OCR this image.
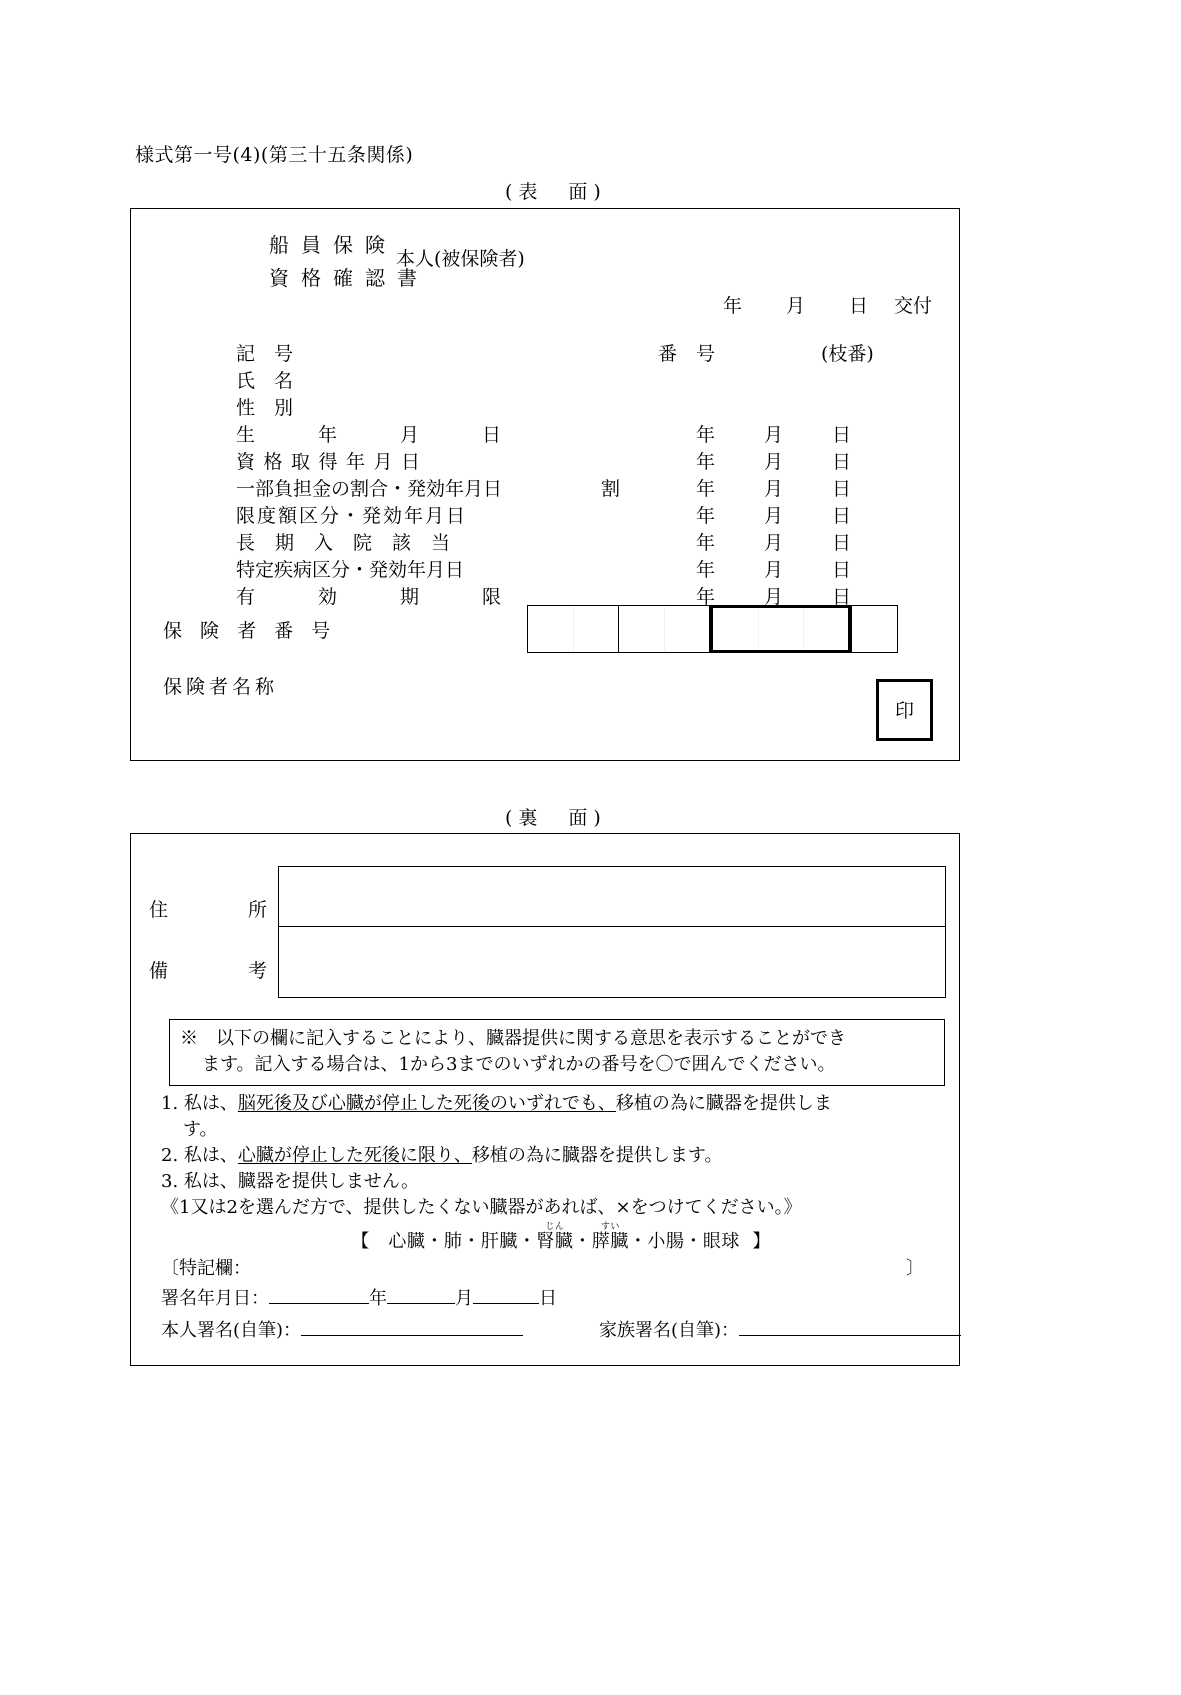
様式第一号(4)(第三十五条関係)
(表　面)
船員保険
資格確認書
本人(被保険者)
年 月 日 交付
記　号	番　号	(枝番)
氏　名
性　別
生　年　月　日	年	月	日
資格取得年月日	年	月	日
一部負担金の割合・発効年月日	割	年	月	日
限度額区分・発効年月日	年	月	日
長期入院該当	年	月	日
特定疾病区分・発効年月日	年	月	日
有　効　期　限	年	月	日
保 険 者 番 号
保険者名称
印
(裏　面)
住	所
備	考
※　以下の欄に記入することにより、臓器提供に関する意思を表示することができ
ます。記入する場合は、1から3までのいずれかの番号を〇で囲んでください。
1. 私は、脳死後及び心臓が停止した死後のいずれでも、移植の為に臓器を提供しま
す。
2. 私は、心臓が停止した死後に限り、移植の為に臓器を提供します。
3. 私は、臓器を提供しません。
《1又は2を選んだ方で、提供したくない臓器があれば、×をつけてください。》
【 心臓・肺・肝臓・腎臓じん・膵臓すい・小腸・眼球 】
〔特記欄：	〕
署名年月日：	年	月	日
本人署名(自筆)：	家族署名(自筆)：
